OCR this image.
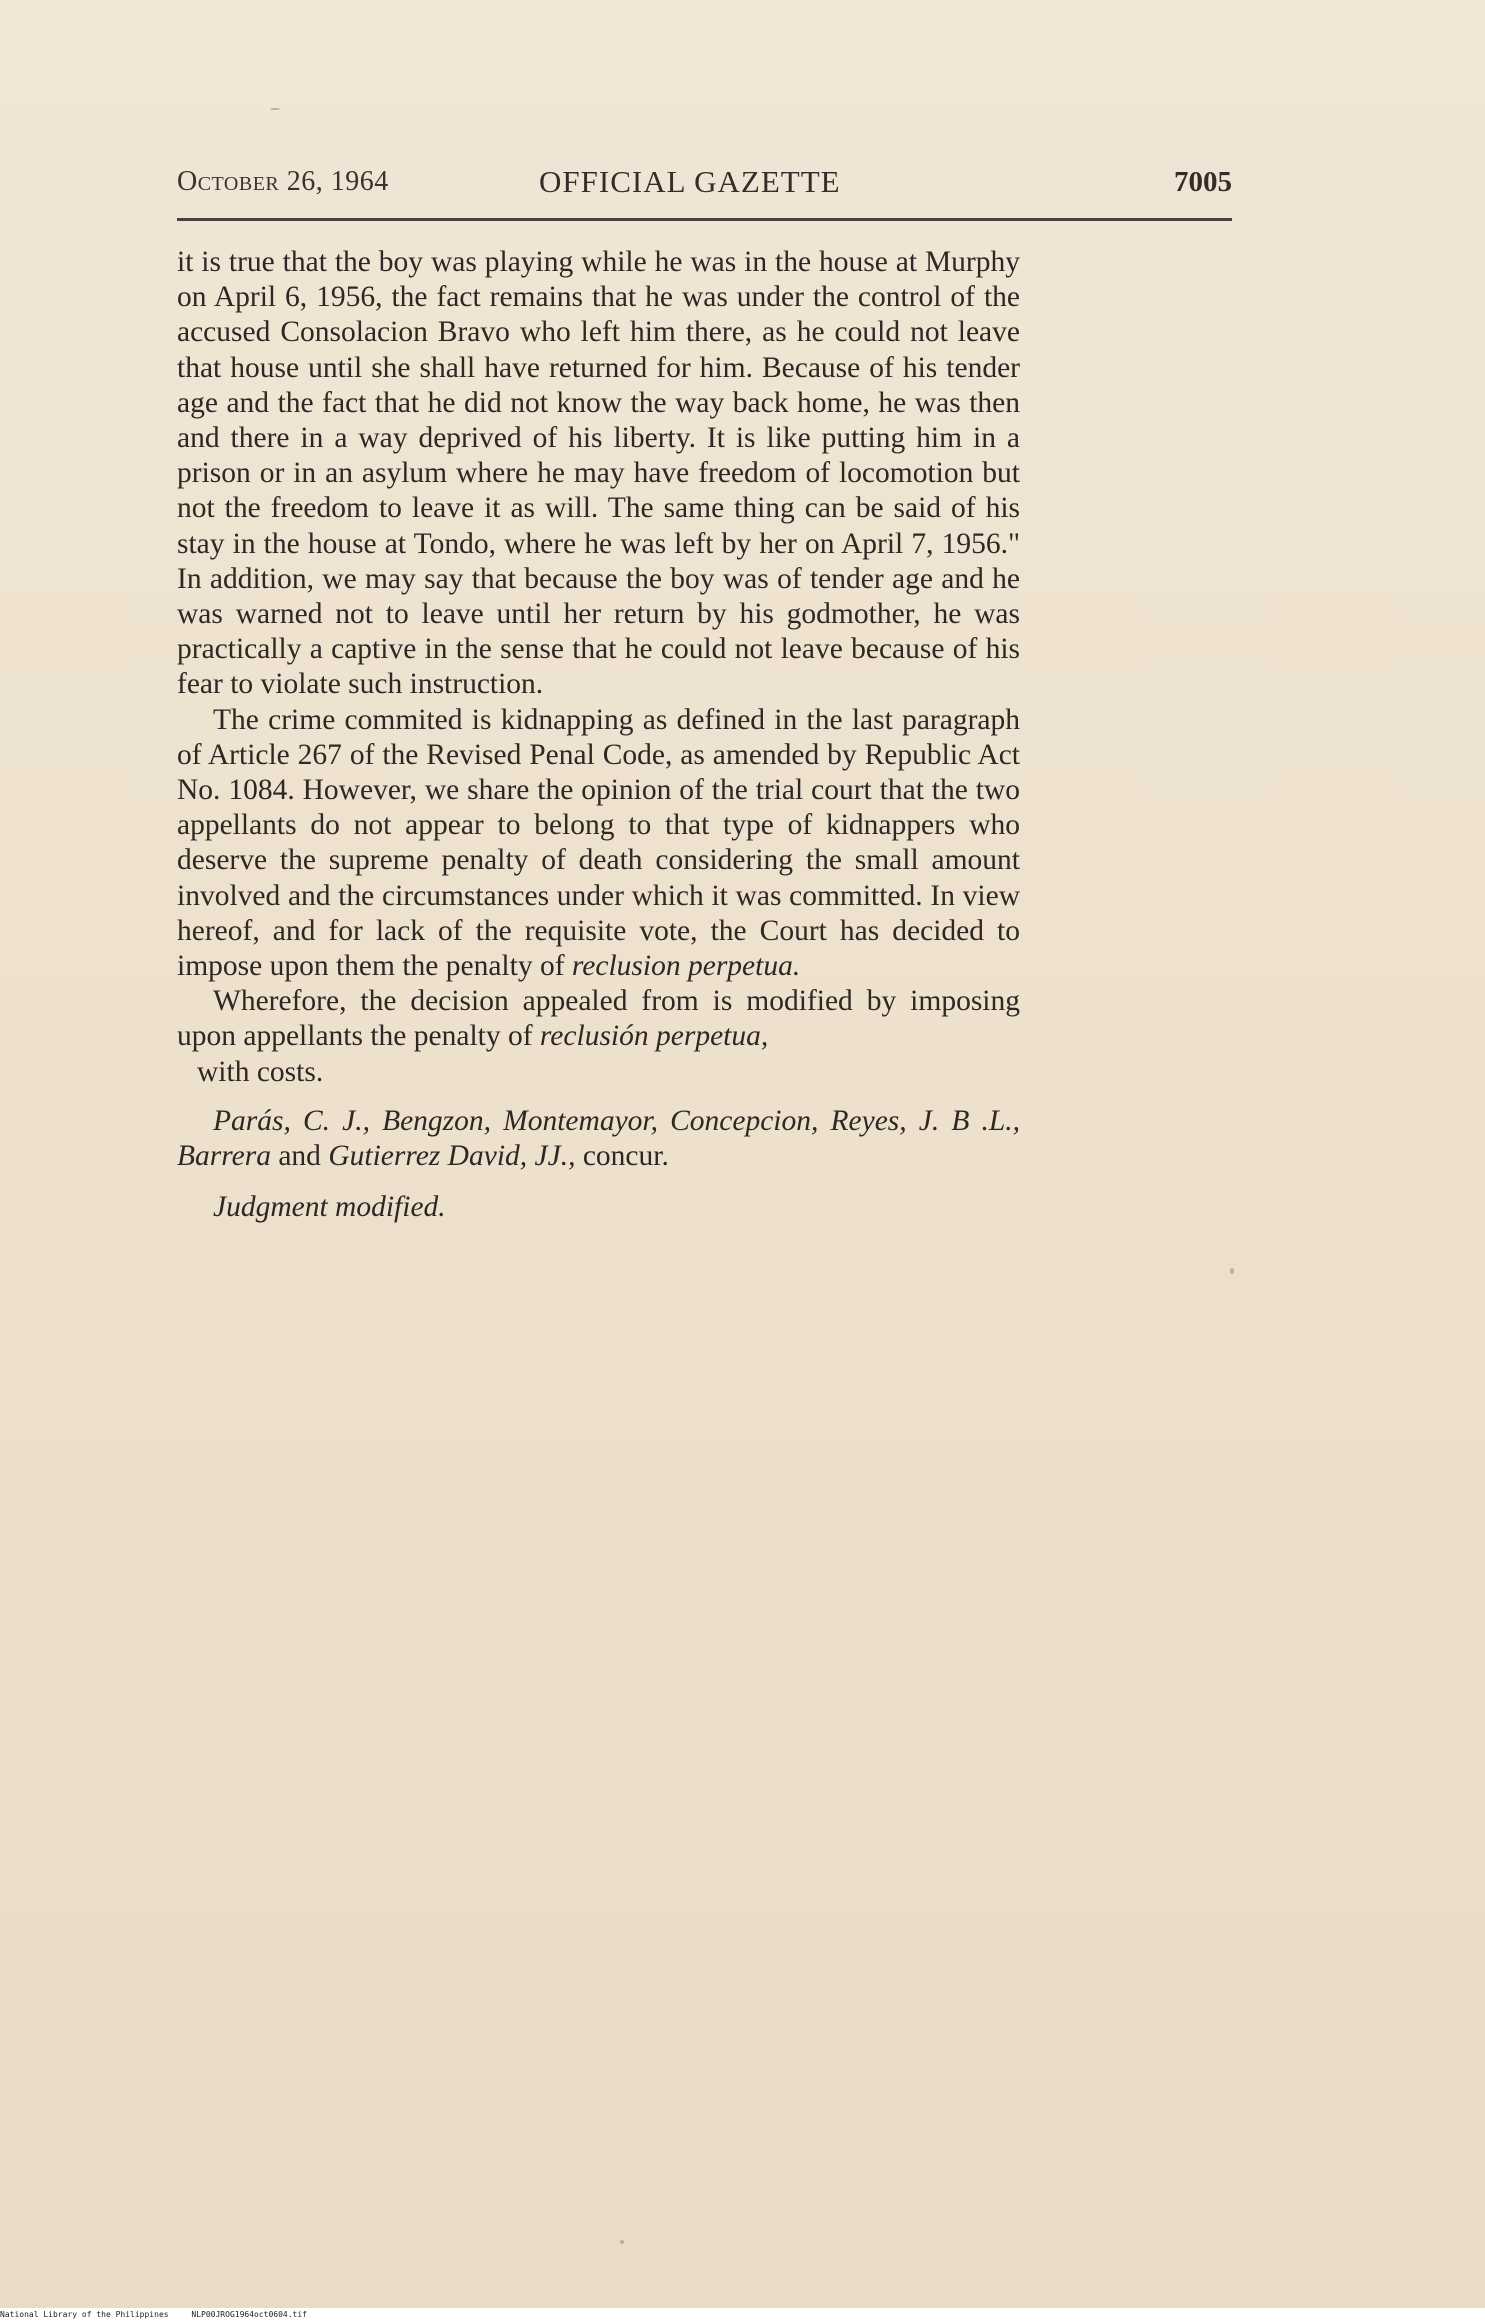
October 26, 1964	OFFICIAL GAZETTE	7005

it is true that the boy was playing while he was in the house at Murphy on April 6, 1956, the fact remains that he was under the control of the accused Consolacion Bravo who left him there, as he could not leave that house until she shall have returned for him. Because of his tender age and the fact that he did not know the way back home, he was then and there in a way deprived of his liberty. It is like putting him in a prison or in an asylum where he may have freedom of locomotion but not the freedom to leave it as will. The same thing can be said of his stay in the house at Tondo, where he was left by her on April 7, 1956." In addition, we may say that because the boy was of tender age and he was warned not to leave until her return by his godmother, he was practically a captive in the sense that he could not leave because of his fear to violate such instruction.

The crime commited is kidnapping as defined in the last paragraph of Article 267 of the Revised Penal Code, as amended by Republic Act No. 1084. However, we share the opinion of the trial court that the two appellants do not appear to belong to that type of kidnappers who deserve the supreme penalty of death considering the small amount involved and the circumstances under which it was committed. In view hereof, and for lack of the requisite vote, the Court has decided to impose upon them the penalty of reclusion perpetua.

Wherefore, the decision appealed from is modified by imposing upon appellants the penalty of reclusión perpetua,

with costs.

Parás, C. J., Bengzon, Montemayor, Concepcion, Reyes, J. B .L., Barrera and Gutierrez David, JJ., concur.

Judgment modified.

National Library of the Philippines	NLP00JROG1964oct0604.tif
